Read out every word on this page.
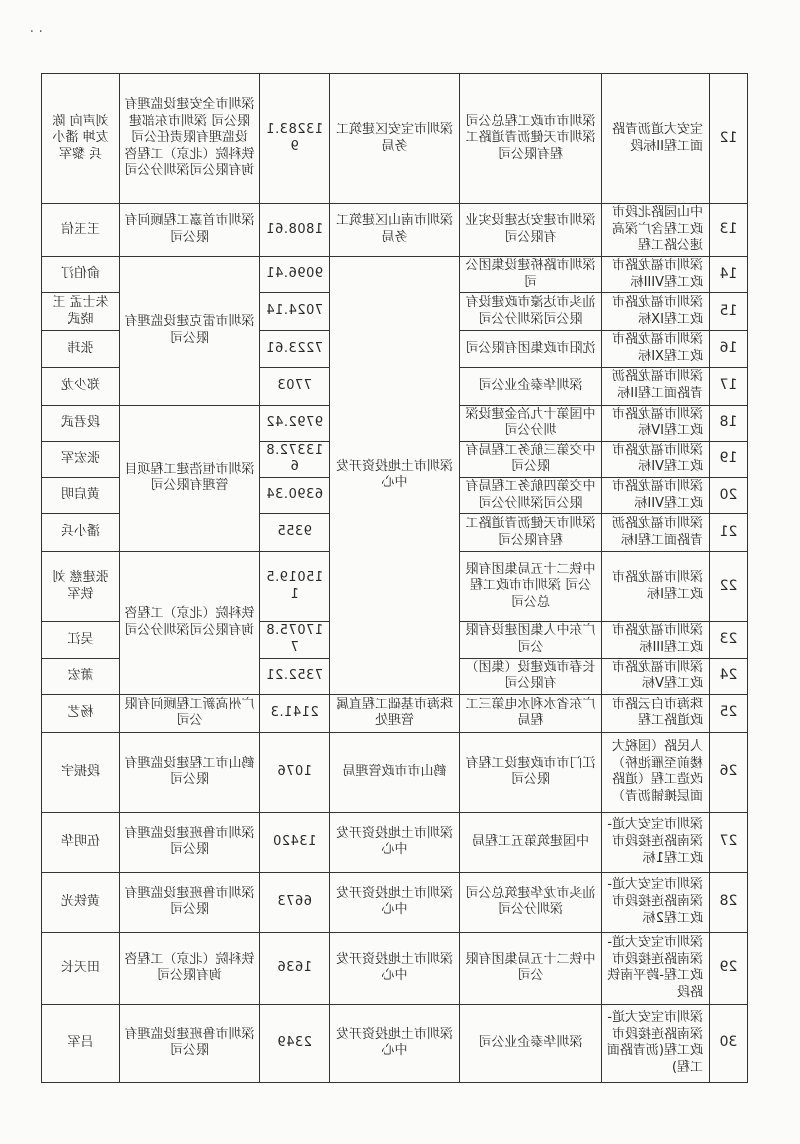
12	宝安大道沥青路面工程II标段	深圳市市政工程总公司 深圳市天健沥青道路工程有限公司	深圳市宝安区建筑工务局	13283.19	深圳市全安建设监理有限公司 深圳市东部建设监理有限责任公司 铁科院（北京）工程咨询有限公司深圳分公司	刘声向 陈友坤 潘小兵 黎军
13	中山园路北段市政工程含广深高速公路工程	深圳市建安达建设实业有限公司	深圳市南山区建筑工务局	1808.61	深圳市首嘉工程顾问有限公司	王玉信
14	深圳市福龙路市政工程VIII标	深圳市路桥建设集团公司	深圳市土地投资开发中心	9096.41	深圳市雷克建设监理有限公司	俞伯汀
15	深圳市福龙路市政工程IX标	汕头市达濠市政建设有限公司深圳分公司		7024.14		朱士孟 王晓武
16	深圳市福龙路市政工程XI标	沈阳市政集团有限公司		7223.61		张玮
17	深圳市福龙路沥青路面工程II标	深圳华泰企业公司		7703		郑少龙
18	深圳市福龙路市政工程IV标	中国第十九冶金建设深圳分公司		9792.42	深圳市恒浩建工程项目管理有限公司	段君武
19	深圳市福龙路市政工程VI标	中交第三航务工程局有限公司		13372.86		张宏军
20	深圳市福龙路市政工程VII标	中交第四航务工程局有限公司深圳分公司		6390.34		黄启明
21	深圳市福龙路沥青路面工程I标	深圳市天健沥青道路工程有限公司		9355		潘小兵
22	深圳市福龙路市政工程I标	中铁二十五局集团有限公司 深圳市市政工程总公司		15019.51	铁科院（北京）工程咨询有限公司深圳分公司	张建慈 刘铁军
23	深圳市福龙路市政工程III标	广东中人集团建设有限公司		17075.87		吴江
24	深圳市福龙路市政工程V标	长春市政建设（集团）有限公司		7352.21		萧宏
25	珠海市白云路市政道路工程	广东省水利水电第三工程局	珠海市基础工程直属管理处	2141.3	广州高新工程顾问有限公司	杨艺
26	人民路（国税大楼前至雁池桥）改造工程（道路面层摊铺沥青）	江门市市政建设工程有限公司	鹤山市市政管理局	1076	鹤山市工程建设监理有限公司	段振宇
27	深圳市宝安大道-深南路连接段市政工程1标	中国建筑第五工程局	深圳市土地投资开发中心	13420	深圳市鲁班建设监理有限公司	伍明华
28	深圳市宝安大道-深南路连接段市政工程2标	汕头市龙华建筑总公司深圳分公司	深圳市土地投资开发中心	6673	深圳市鲁班建设监理有限公司	黄铁光
29	深圳市宝安大道-深南路连接段市政工程-跨平南铁路段	中铁二十五局集团有限公司	深圳市土地投资开发中心	1636	铁科院（北京）工程咨询有限公司	田天长
30	深圳市宝安大道-深南路连接段市政工程(沥青路面工程)	深圳华泰企业公司	深圳市土地投资开发中心	2349	深圳市鲁班建设监理有限公司	吕军
· ·
